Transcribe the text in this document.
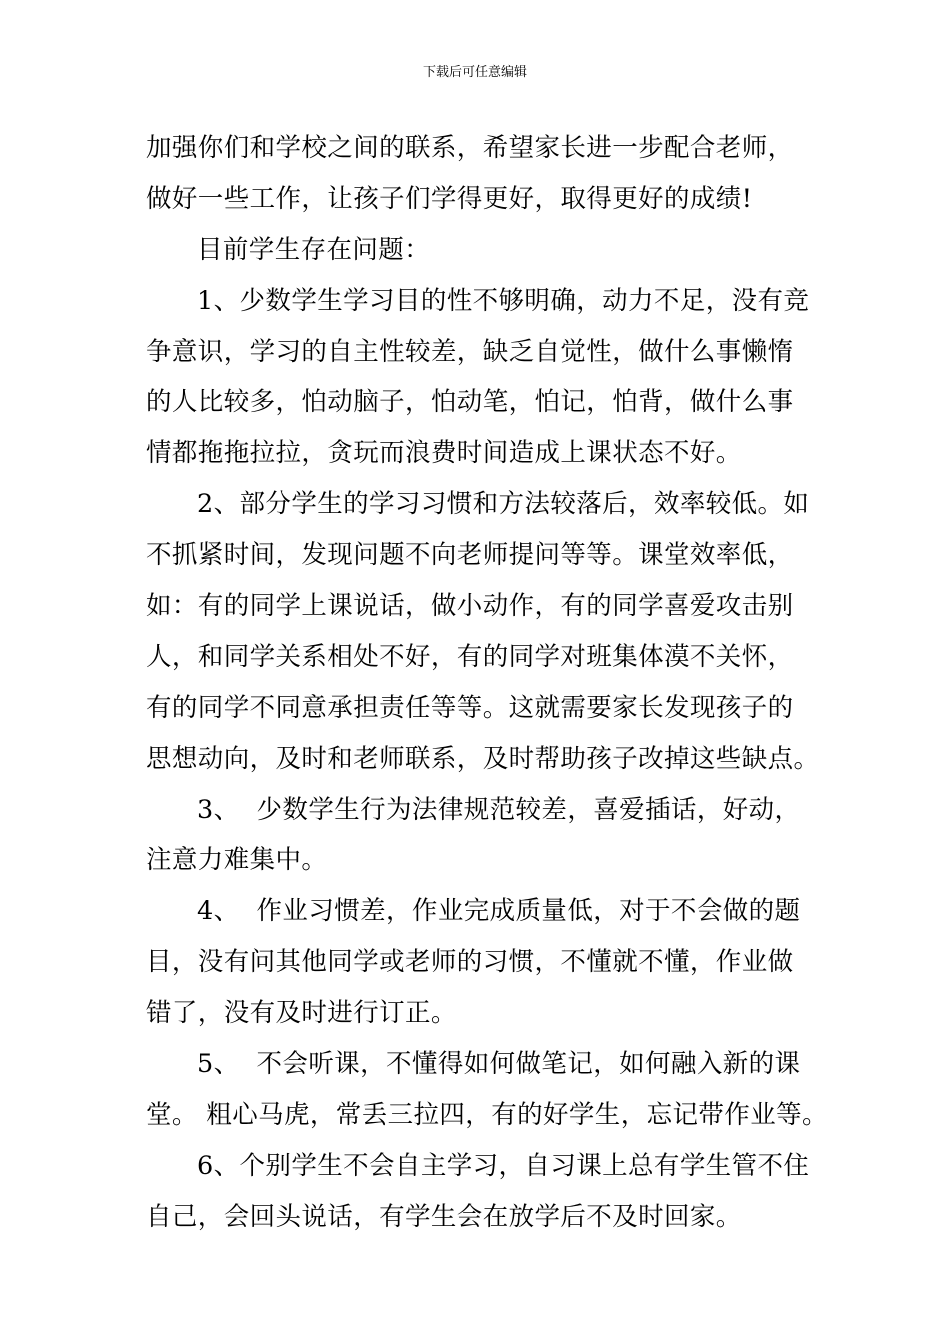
下载后可任意编辑
加强你们和学校之间的联系，希望家长进一步配合老师，
做好一些工作，让孩子们学得更好，取得更好的成绩!
目前学生存在问题：
1、少数学生学习目的性不够明确，动力不足，没有竞
争意识，学习的自主性较差，缺乏自觉性，做什么事懒惰
的人比较多，怕动脑子，怕动笔，怕记，怕背，做什么事
情都拖拖拉拉，贪玩而浪费时间造成上课状态不好。
2、部分学生的学习习惯和方法较落后，效率较低。如
不抓紧时间，发现问题不向老师提问等等。课堂效率低，
如：有的同学上课说话，做小动作，有的同学喜爱攻击别
人，和同学关系相处不好，有的同学对班集体漠不关怀，
有的同学不同意承担责任等等。这就需要家长发现孩子的
思想动向，及时和老师联系，及时帮助孩子改掉这些缺点。
3、  少数学生行为法律规范较差，喜爱插话，好动，
注意力难集中。
4、  作业习惯差，作业完成质量低，对于不会做的题
目，没有问其他同学或老师的习惯，不懂就不懂，作业做
错了，没有及时进行订正。
5、  不会听课，不懂得如何做笔记，如何融入新的课
堂。 粗心马虎，常丢三拉四，有的好学生，忘记带作业等。
6、个别学生不会自主学习，自习课上总有学生管不住
自己，会回头说话，有学生会在放学后不及时回家。
